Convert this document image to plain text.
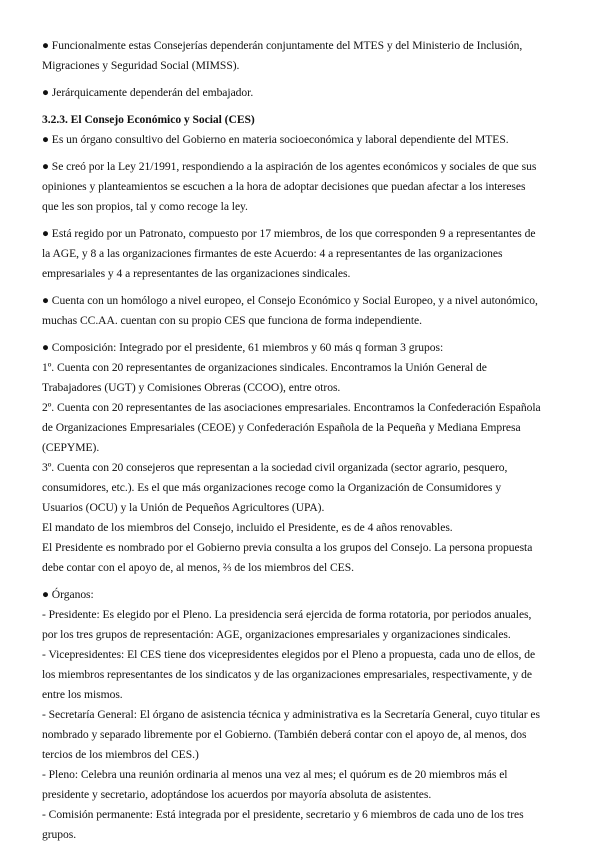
● Funcionalmente estas Consejerías dependerán conjuntamente del MTES y del Ministerio de Inclusión, Migraciones y Seguridad Social (MIMSS).

● Jerárquicamente dependerán del embajador.

3.2.3. El Consejo Económico y Social (CES)

● Es un órgano consultivo del Gobierno en materia socioeconómica y laboral dependiente del MTES.

● Se creó por la Ley 21/1991, respondiendo a la aspiración de los agentes económicos y sociales de que sus opiniones y planteamientos se escuchen a la hora de adoptar decisiones que puedan afectar a los intereses que les son propios, tal y como recoge la ley.

● Está regido por un Patronato, compuesto por 17 miembros, de los que corresponden 9 a representantes de la AGE, y 8 a las organizaciones firmantes de este Acuerdo: 4 a representantes de las organizaciones empresariales y 4 a representantes de las organizaciones sindicales.

● Cuenta con un homólogo a nivel europeo, el Consejo Económico y Social Europeo, y a nivel autonómico, muchas CC.AA. cuentan con su propio CES que funciona de forma independiente.

● Composición: Integrado por el presidente, 61 miembros y 60 más q forman 3 grupos:

1º. Cuenta con 20 representantes de organizaciones sindicales. Encontramos la Unión General de Trabajadores (UGT) y Comisiones Obreras (CCOO), entre otros.

2º. Cuenta con 20 representantes de las asociaciones empresariales. Encontramos la Confederación Española de Organizaciones Empresariales (CEOE) y Confederación Española de la Pequeña y Mediana Empresa (CEPYME).

3º. Cuenta con 20 consejeros que representan a la sociedad civil organizada (sector agrario, pesquero, consumidores, etc.). Es el que más organizaciones recoge como la Organización de Consumidores y Usuarios (OCU) y la Unión de Pequeños Agricultores (UPA).

El mandato de los miembros del Consejo, incluido el Presidente, es de 4 años renovables.

El Presidente es nombrado por el Gobierno previa consulta a los grupos del Consejo. La persona propuesta debe contar con el apoyo de, al menos, ⅔ de los miembros del CES.

● Órganos:

- Presidente: Es elegido por el Pleno. La presidencia será ejercida de forma rotatoria, por periodos anuales, por los tres grupos de representación: AGE, organizaciones empresariales y organizaciones sindicales.

- Vicepresidentes: El CES tiene dos vicepresidentes elegidos por el Pleno a propuesta, cada uno de ellos, de los miembros representantes de los sindicatos y de las organizaciones empresariales, respectivamente, y de entre los mismos.

- Secretaría General: El órgano de asistencia técnica y administrativa es la Secretaría General, cuyo titular es nombrado y separado libremente por el Gobierno. (También deberá contar con el apoyo de, al menos, dos tercios de los miembros del CES.)

- Pleno: Celebra una reunión ordinaria al menos una vez al mes; el quórum es de 20 miembros más el presidente y secretario, adoptándose los acuerdos por mayoría absoluta de asistentes.

- Comisión permanente: Está integrada por el presidente, secretario y 6 miembros de cada uno de los tres grupos.
